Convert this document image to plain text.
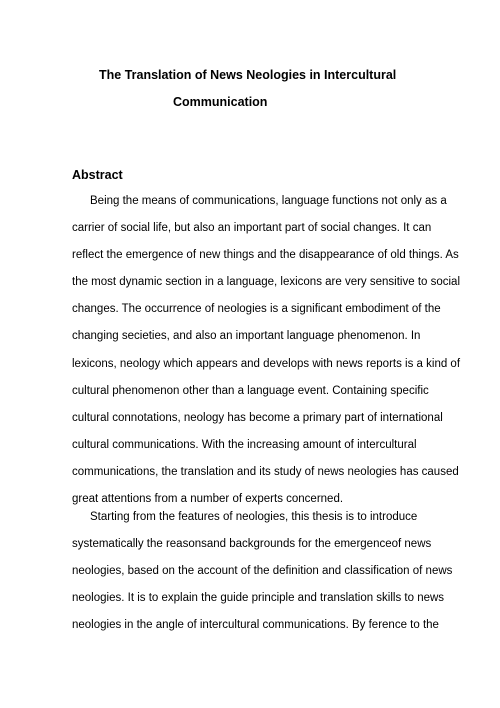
The Translation of News Neologies in Intercultural
Communication
Abstract
Being the means of communications, language functions not only as a
carrier of social life, but also an important part of social changes. It can
reflect the emergence of new things and the disappearance of old things. As
the most dynamic section in a language, lexicons are very sensitive to social
changes. The occurrence of neologies is a significant embodiment of the
changing secieties, and also an important language phenomenon. In
lexicons, neology which appears and develops with news reports is a kind of
cultural phenomenon other than a language event. Containing specific
cultural connotations, neology has become a primary part of international
cultural communications. With the increasing amount of intercultural
communications, the translation and its study of news neologies has caused
great attentions from a number of experts concerned.
Starting from the features of neologies, this thesis is to introduce
systematically the reasonsand backgrounds for the emergenceof news
neologies, based on the account of the definition and classification of news
neologies. It is to explain the guide principle and translation skills to news
neologies in the angle of intercultural communications. By ference to the
